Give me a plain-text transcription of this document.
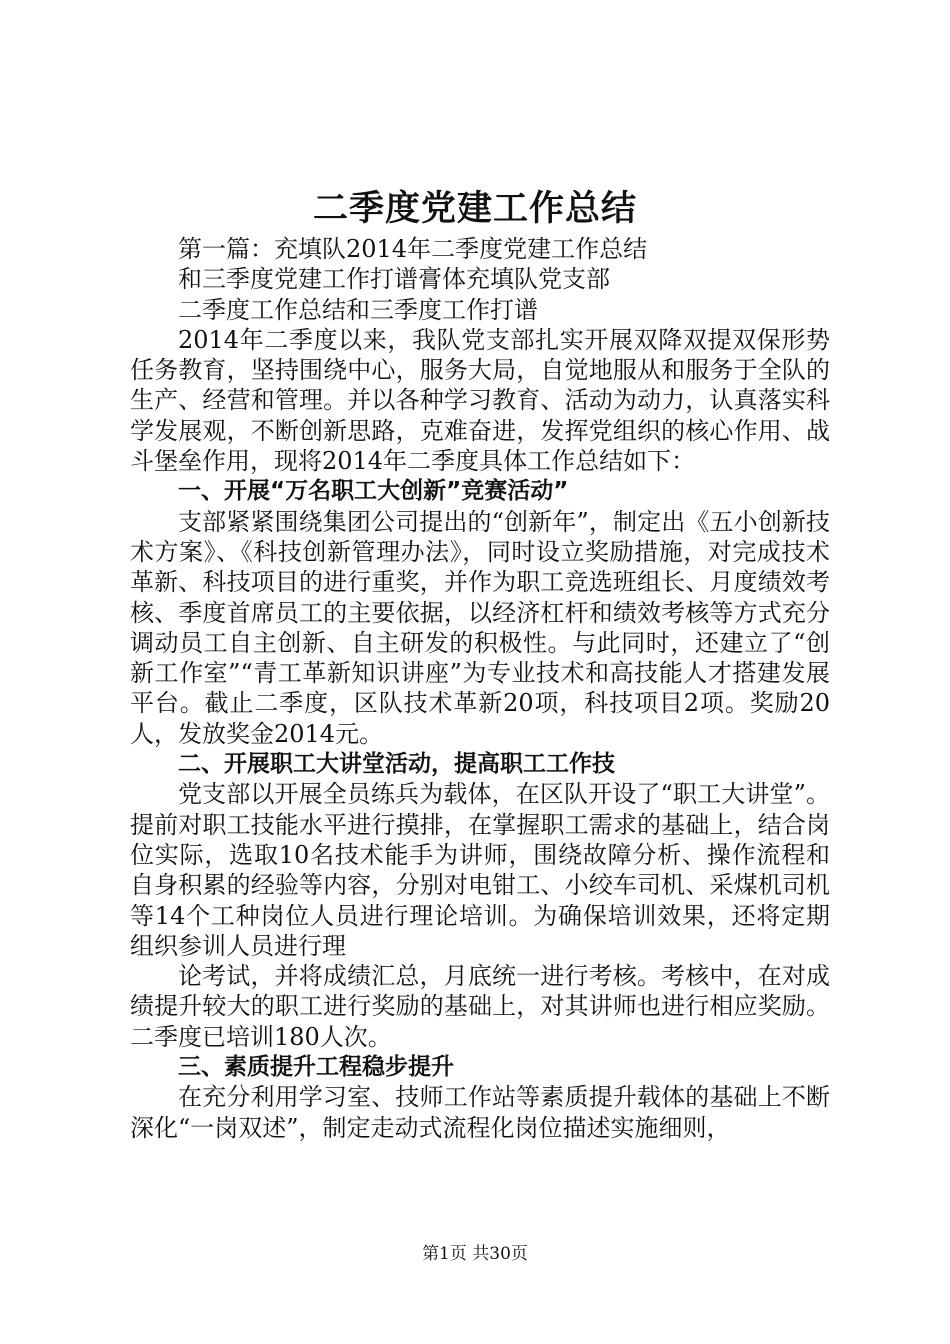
二季度党建工作总结

第一篇：充填队2014年二季度党建工作总结

和三季度党建工作打谱膏体充填队党支部

二季度工作总结和三季度工作打谱

2014年二季度以来，我队党支部扎实开展双降双提双保形势任务教育，坚持围绕中心，服务大局，自觉地服从和服务于全队的生产、经营和管理。并以各种学习教育、活动为动力，认真落实科学发展观，不断创新思路，克难奋进，发挥党组织的核心作用、战斗堡垒作用，现将2014年二季度具体工作总结如下：

一、开展“万名职工大创新”竞赛活动”

支部紧紧围绕集团公司提出的“创新年”，制定出《五小创新技术方案》、《科技创新管理办法》，同时设立奖励措施，对完成技术革新、科技项目的进行重奖，并作为职工竞选班组长、月度绩效考核、季度首席员工的主要依据，以经济杠杆和绩效考核等方式充分调动员工自主创新、自主研发的积极性。与此同时，还建立了“创新工作室”“青工革新知识讲座”为专业技术和高技能人才搭建发展平台。截止二季度，区队技术革新20项，科技项目2项。奖励20人，发放奖金2014元。

二、开展职工大讲堂活动，提高职工工作技

党支部以开展全员练兵为载体，在区队开设了“职工大讲堂”。提前对职工技能水平进行摸排，在掌握职工需求的基础上，结合岗位实际，选取10名技术能手为讲师，围绕故障分析、操作流程和自身积累的经验等内容，分别对电钳工、小绞车司机、采煤机司机等14个工种岗位人员进行理论培训。为确保培训效果，还将定期组织参训人员进行理

论考试，并将成绩汇总，月底统一进行考核。考核中，在对成绩提升较大的职工进行奖励的基础上，对其讲师也进行相应奖励。二季度已培训180人次。

三、素质提升工程稳步提升

在充分利用学习室、技师工作站等素质提升载体的基础上不断深化“一岗双述”，制定走动式流程化岗位描述实施细则，

第1页 共30页
